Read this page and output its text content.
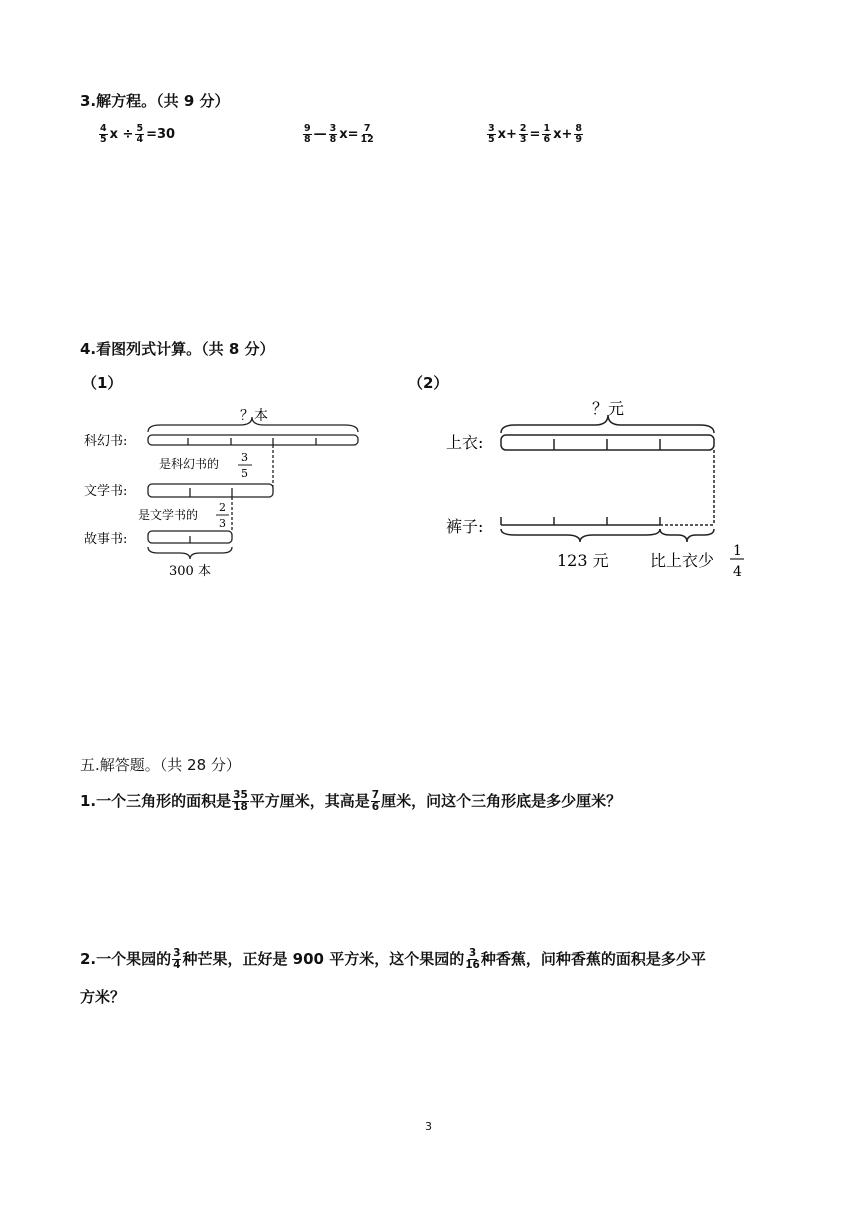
3.解方程。（共 9 分）
4
5 $x \div \frac{5}{4} =30$	9
8 — 3
8 $x= \frac{7}{12}$	3
5 $x+ \frac{2}{3} = \frac{1}{6} x+ \frac{8}{9}$
4.看图列式计算。（共 8 分）
（1）	（2）
？本
科幻书:
是科幻书的 3
5
文学书:
是文学书的
2
3
故事书:
300 本
？元
上衣:
裤子:
123 元	比上衣少 1
4
五.解答题。（共 28 分）
1.一个三角形的面积是 $\frac{35}{18}$ 平方厘米，其高是 $\frac{7}{6}$ 厘米，问这个三角形底是多少厘米？
2.一个果园的 $\frac{3}{4}$ 种芒果，正好是 900 平方米，这个果园的 $\frac{3}{16}$ 种香蕉，问种香蕉的面积是多少平
方米？
3
